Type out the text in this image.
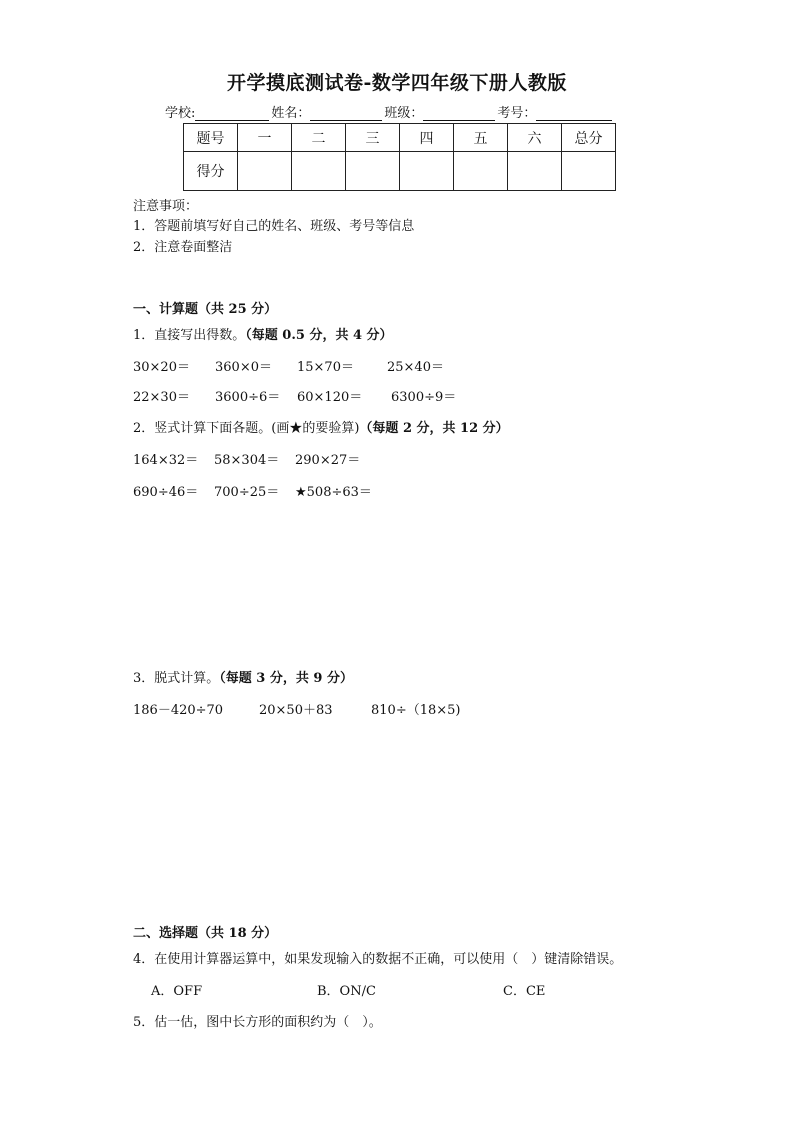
开学摸底测试卷-数学四年级下册人教版
学校:	姓名：	班级：	考号：
题号	一	二	三	四	五	六	总分
得分							
注意事项：
1．答题前填写好自己的姓名、班级、考号等信息
2．注意卷面整洁
一、计算题（共 25 分）
1．直接写出得数。（每题 0.5 分，共 4 分）
30×20＝	360×0＝	15×70＝	25×40＝
22×30＝	3600÷6＝	60×120＝	6300÷9＝
2．竖式计算下面各题。(画★的要验算)（每题 2 分，共 12 分）
164×32＝	58×304＝	290×27＝
690÷46＝	700÷25＝	★508÷63＝
3．脱式计算。（每题 3 分，共 9 分）
186－420÷70	20×50＋83	810÷（18×5)
二、选择题（共 18 分）
4．在使用计算器运算中，如果发现输入的数据不正确，可以使用（　）键清除错误。
A．OFF	B．ON/C	C．CE
5．估一估，图中长方形的面积约为（　）。
